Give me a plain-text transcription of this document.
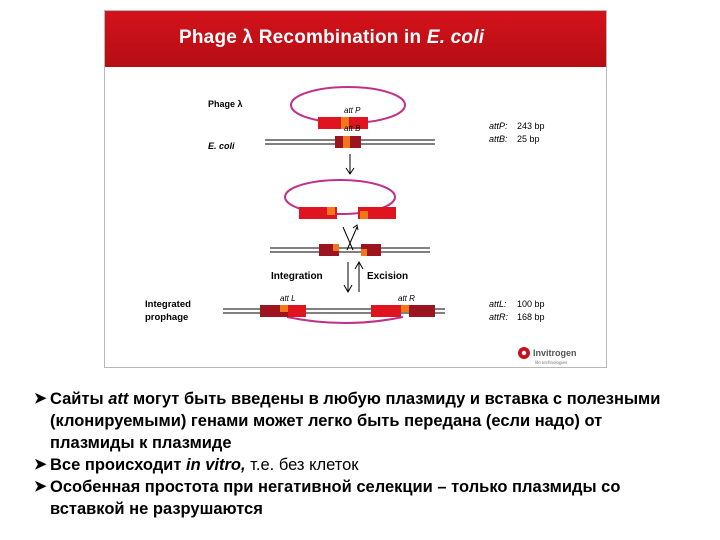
Phage λ Recombination in E. coli
att P
att B
Phage λ
E. coli
attP: 243 bp
attB: 25 bp
Integration	Excision
Integrated
prophage
att L	att R
attL: 100 bp
attR: 168 bp
Invitrogen
life technologies
➤ Сайты att могут быть введены в любую плазмиду и вставка с полезными (клонируемыми) генами может легко быть передана (если надо) от плазмиды к плазмиде
➤ Все происходит in vitro, т.е. без клеток
➤ Особенная простота при негативной селекции – только плазмиды со вставкой не разрушаются
